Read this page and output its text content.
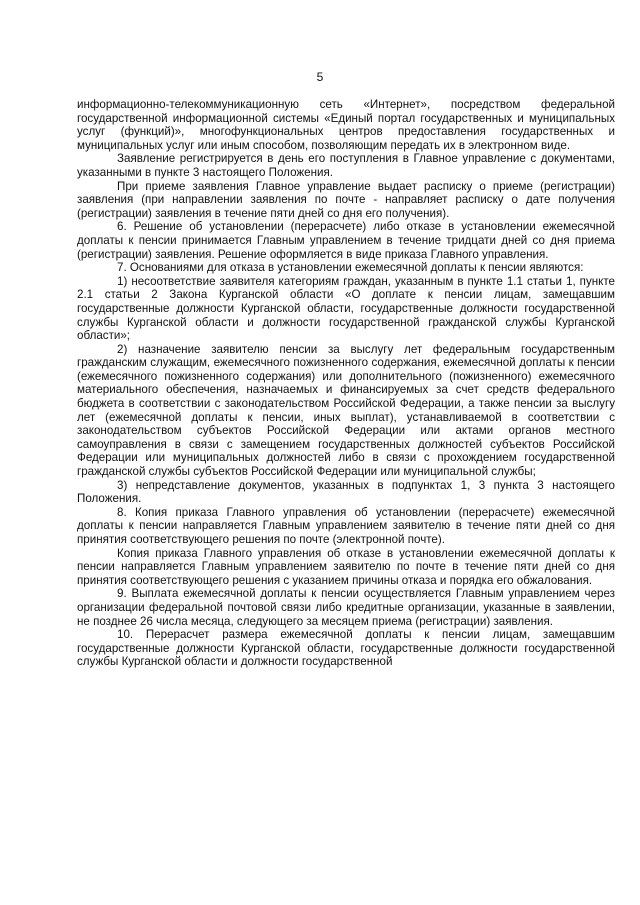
5

информационно-телекоммуникационную сеть «Интернет», посредством федеральной государственной информационной системы «Единый портал государственных и муниципальных услуг (функций)», многофункциональных центров предоставления государственных и муниципальных услуг или иным способом, позволяющим передать их в электронном виде.

Заявление регистрируется в день его поступления в Главное управление с документами, указанными в пункте 3 настоящего Положения.

При приеме заявления Главное управление выдает расписку о приеме (регистрации) заявления (при направлении заявления по почте - направляет расписку о дате получения (регистрации) заявления в течение пяти дней со дня его получения).

6. Решение об установлении (перерасчете) либо отказе в установлении ежемесячной доплаты к пенсии принимается Главным управлением в течение тридцати дней со дня приема (регистрации) заявления. Решение оформляется в виде приказа Главного управления.

7. Основаниями для отказа в установлении ежемесячной доплаты к пенсии являются:

1) несоответствие заявителя категориям граждан, указанным в пункте 1.1 статьи 1, пункте 2.1 статьи 2 Закона Курганской области «О доплате к пенсии лицам, замещавшим государственные должности Курганской области, государственные должности государственной службы Курганской области и должности государственной гражданской службы Курганской области»;

2) назначение заявителю пенсии за выслугу лет федеральным государственным гражданским служащим, ежемесячного пожизненного содержания, ежемесячной доплаты к пенсии (ежемесячного пожизненного содержания) или дополнительного (пожизненного) ежемесячного материального обеспечения, назначаемых и финансируемых за счет средств федерального бюджета в соответствии с законодательством Российской Федерации, а также пенсии за выслугу лет (ежемесячной доплаты к пенсии, иных выплат), устанавливаемой в соответствии с законодательством субъектов Российской Федерации или актами органов местного самоуправления в связи с замещением государственных должностей субъектов Российской Федерации или муниципальных должностей либо в связи с прохождением государственной гражданской службы субъектов Российской Федерации или муниципальной службы;

3) непредставление документов, указанных в подпунктах 1, 3 пункта 3 настоящего Положения.

8. Копия приказа Главного управления об установлении (перерасчете) ежемесячной доплаты к пенсии направляется Главным управлением заявителю в течение пяти дней со дня принятия соответствующего решения по почте (электронной почте).

Копия приказа Главного управления об отказе в установлении ежемесячной доплаты к пенсии направляется Главным управлением заявителю по почте в течение пяти дней со дня принятия соответствующего решения с указанием причины отказа и порядка его обжалования.

9. Выплата ежемесячной доплаты к пенсии осуществляется Главным управлением через организации федеральной почтовой связи либо кредитные организации, указанные в заявлении, не позднее 26 числа месяца, следующего за месяцем приема (регистрации) заявления.

10. Перерасчет размера ежемесячной доплаты к пенсии лицам, замещавшим государственные должности Курганской области, государственные должности государственной службы Курганской области и должности государственной
